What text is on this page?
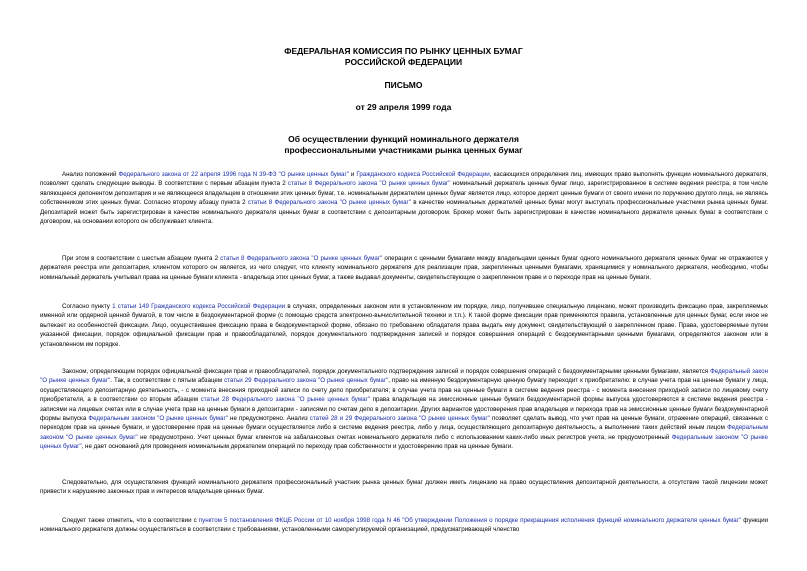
ФЕДЕРАЛЬНАЯ КОМИССИЯ ПО РЫНКУ ЦЕННЫХ БУМАГ
РОССИЙСКОЙ ФЕДЕРАЦИИ
ПИСЬМО
от 29 апреля 1999 года
Об осуществлении функций номинального держателя
профессиональными участниками рынка ценных бумаг

Анализ положений Федерального закона от 22 апреля 1996 года N 39-ФЗ "О рынке ценных бумаг" и Гражданского кодекса Российской Федерации, касающихся определения лиц, имеющих право выполнять функции номинального держателя, позволяет сделать следующие выводы. В соответствии с первым абзацем пункта 2 статьи 8 Федерального закона "О рынке ценных бумаг" номинальный держатель ценных бумаг лицо, зарегистрированное в системе ведения реестра, в том числе являющееся депонентом депозитария и не являющееся владельцем в отношении этих ценных бумаг, т.е. номинальным держателем ценных бумаг является лицо, которое держит ценные бумаги от своего имени по поручению другого лица, не являясь собственником этих ценных бумаг. Согласно второму абзацу пункта 2 статьи 8 Федерального закона "О рынке ценных бумаг" в качестве номинальных держателей ценных бумаг могут выступать профессиональные участники рынка ценных бумаг. Депозитарий может быть зарегистрирован в качестве номинального держателя ценных бумаг в соответствии с депозитарным договором. Брокер может быть зарегистрирован в качестве номинального держателя ценных бумаг в соответствии с договором, на основании которого он обслуживает клиента.

При этом в соответствии с шестым абзацем пункта 2 статьи 8 Федерального закона "О рынке ценных бумаг" операции с ценными бумагами между владельцами ценных бумаг одного номинального держателя ценных бумаг не отражаются у держателя реестра или депозитария, клиентом которого он является, из чего следует, что клиенту номинального держателя для реализации прав, закрепленных ценными бумагами, хранящимися у номинального держателя, необходимо, чтобы номинальный держатель учитывал права на ценные бумаги клиента - владельца этих ценных бумаг, а также выдавал документы, свидетельствующие о закрепленном праве и о переходе прав на ценные бумаги.

Согласно пункту 1 статьи 149 Гражданского кодекса Российской Федерации в случаях, определенных законом или в установленном им порядке, лицо, получившее специальную лицензию, может производить фиксацию прав, закрепляемых именной или ордерной ценной бумагой, в том числе в бездокументарной форме (с помощью средств электронно-вычислительной техники и т.п.). К такой форме фиксации прав применяются правила, установленные для ценных бумаг, если иное не вытекает из особенностей фиксации. Лицо, осуществившее фиксацию права в бездокументарной форме, обязано по требованию обладателя права выдать ему документ, свидетельствующий о закрепленном праве. Права, удостоверяемые путем указанной фиксации, порядок официальной фиксации прав и правообладателей, порядок документального подтверждения записей и порядок совершения операций с бездокументарными ценными бумагами, определяются законом или в установленном им порядке.

Законом, определяющим порядок официальной фиксации прав и правообладателей, порядок документального подтверждения записей и порядок совершения операций с бездокументарными ценными бумагами, является Федеральный закон "О рынке ценных бумаг". Так, в соответствии с пятым абзацем статьи 29 Федерального закона "О рынке ценных бумаг", право на именную бездокументарную ценную бумагу переходит к приобретателю: в случае учета прав на ценные бумаги у лица, осуществляющего депозитарную деятельность, - с момента внесения приходной записи по счету депо приобретателя; в случае учета прав на ценные бумаги в системе ведения реестра - с момента внесения приходной записи по лицевому счету приобретателя, а в соответствии со вторым абзацем статьи 28 Федерального закона "О рынке ценных бумаг" права владельцев на эмиссионные ценные бумаги бездокументарной формы выпуска удостоверяются в системе ведения реестра - записями на лицевых счетах или в случае учета прав на ценные бумаги в депозитарии - записями по счетам депо в депозитарии. Других вариантов удостоверения прав владельцев и перехода прав на эмиссионные ценные бумаги бездокументарной формы выпуска Федеральным законом "О рынке ценных бумаг" не предусмотрено. Анализ статей 28 и 29 Федерального закона "О рынке ценных бумаг" позволяет сделать вывод, что учет прав на ценные бумаги, отражение операций, связанных с переходом прав на ценные бумаги, и удостоверение прав на ценные бумаги осуществляется либо в системе ведения реестра, либо у лица, осуществляющего депозитарную деятельность, а выполнение таких действий иным лицом Федеральным законом "О рынке ценных бумаг" не предусмотрено. Учет ценных бумаг клиентов на забалансовых счетах номинального держателя либо с использованием каких-либо иных регистров учета, не предусмотренный Федеральным законом "О рынке ценных бумаг", не дает оснований для проведения номинальным держателем операций по переходу прав собственности и удостоверению прав на ценные бумаги.

Следовательно, для осуществления функций номинального держателя профессиональный участник рынка ценных бумаг должен иметь лицензию на право осуществления депозитарной деятельности, а отсутствие такой лицензии может привести к нарушению законных прав и интересов владельцев ценных бумаг.

Следует также отметить, что в соответствии с пунктом 5 постановления ФКЦБ России от 10 ноября 1998 года N 46 "Об утверждении Положения о порядке прекращения исполнения функций номинального держателя ценных бумаг" функции номинального держателя должны осуществляться в соответствии с требованиями, установленными саморегулируемой организацией, предусматривающей членство
